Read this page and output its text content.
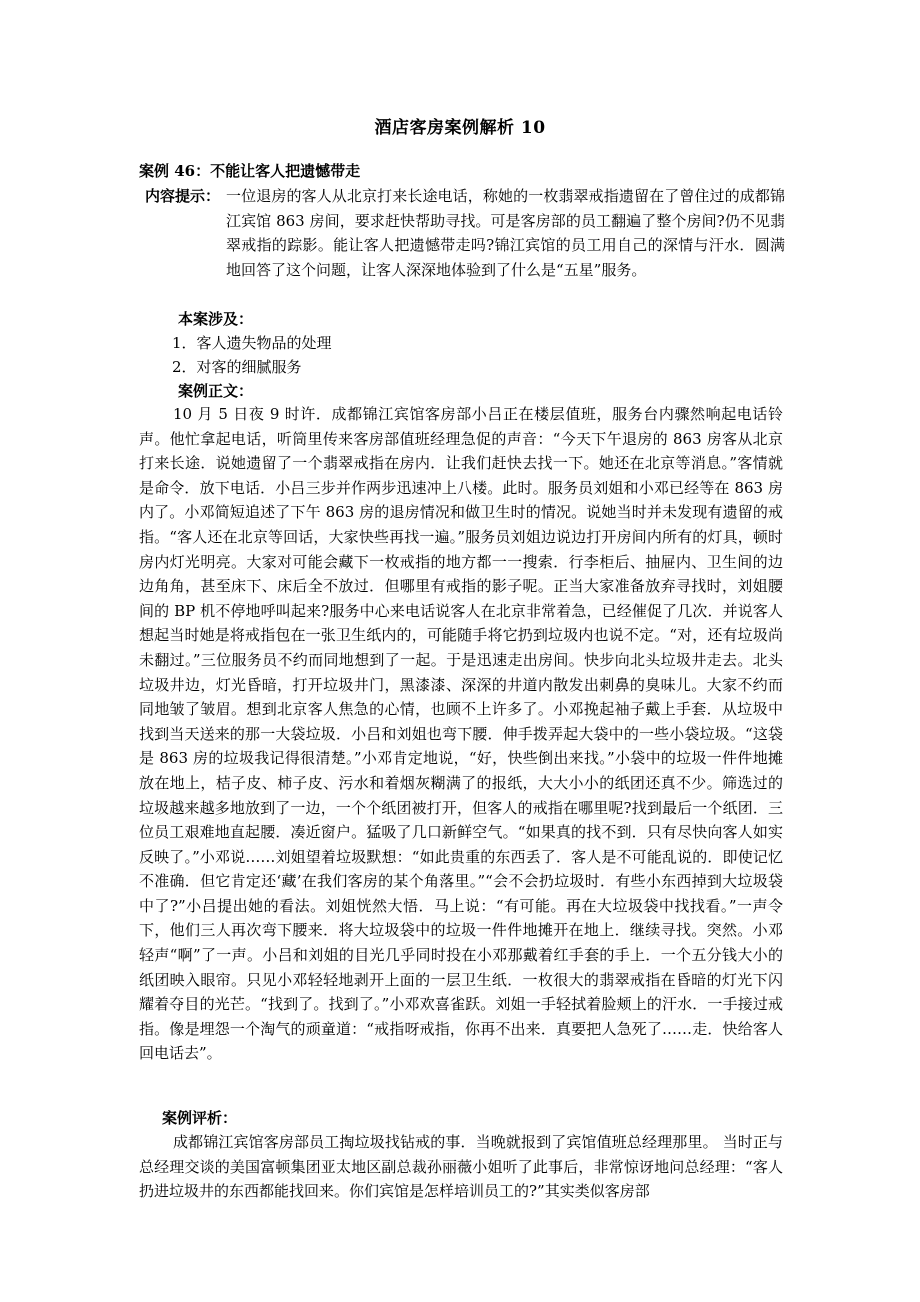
酒店客房案例解析 10
案例 46：不能让客人把遗憾带走
内容提示： 一位退房的客人从北京打来长途电话，称她的一枚翡翠戒指遗留在了曾住过的成都锦江宾馆 863 房间，要求赶快帮助寻找。可是客房部的员工翻遍了整个房间?仍不见翡翠戒指的踪影。能让客人把遗憾带走吗?锦江宾馆的员工用自己的深情与汗水．圆满地回答了这个问题，让客人深深地体验到了什么是“五星”服务。
本案涉及：
1．客人遗失物品的处理
2．对客的细腻服务
案例正文：

10 月 5 日夜 9 时许．成都锦江宾馆客房部小吕正在楼层值班，服务台内骤然响起电话铃声。他忙拿起电话，听筒里传来客房部值班经理急促的声音：“今天下午退房的 863 房客从北京打来长途．说她遗留了一个翡翠戒指在房内．让我们赶快去找一下。她还在北京等消息。”客情就是命令．放下电话．小吕三步并作两步迅速冲上八楼。此时。服务员刘姐和小邓已经等在 863 房内了。小邓简短追述了下午 863 房的退房情况和做卫生时的情况。说她当时并未发现有遗留的戒指。“客人还在北京等回话，大家快些再找一遍。”服务员刘姐边说边打开房间内所有的灯具，顿时房内灯光明亮。大家对可能会藏下一枚戒指的地方都一一搜索．行李柜后、抽屉内、卫生间的边边角角，甚至床下、床后全不放过．但哪里有戒指的影子呢。正当大家准备放弃寻找时，刘姐腰间的 BP 机不停地呼叫起来?服务中心来电话说客人在北京非常着急，已经催促了几次．并说客人想起当时她是将戒指包在一张卫生纸内的，可能随手将它扔到垃圾内也说不定。“对，还有垃圾尚未翻过。”三位服务员不约而同地想到了一起。于是迅速走出房间。快步向北头垃圾井走去。北头垃圾井边，灯光昏暗，打开垃圾井门，黑漆漆、深深的井道内散发出刺鼻的臭味儿。大家不约而同地皱了皱眉。想到北京客人焦急的心情，也顾不上许多了。小邓挽起袖子戴上手套．从垃圾中找到当天送来的那一大袋垃圾．小吕和刘姐也弯下腰．伸手拨弄起大袋中的一些小袋垃圾。“这袋是 863 房的垃圾我记得很清楚。”小邓肯定地说，“好，快些倒出来找。”小袋中的垃圾一件件地摊放在地上，桔子皮、柿子皮、污水和着烟灰糊满了的报纸，大大小小的纸团还真不少。筛选过的垃圾越来越多地放到了一边，一个个纸团被打开，但客人的戒指在哪里呢?找到最后一个纸团．三位员工艰难地直起腰．凑近窗户。猛吸了几口新鲜空气。“如果真的找不到．只有尽快向客人如实反映了。”小邓说……刘姐望着垃圾默想：“如此贵重的东西丢了．客人是不可能乱说的．即使记忆不准确．但它肯定还‘藏’在我们客房的某个角落里。”“会不会扔垃圾时．有些小东西掉到大垃圾袋中了?”小吕提出她的看法。刘姐恍然大悟．马上说：“有可能。再在大垃圾袋中找找看。”一声令下，他们三人再次弯下腰来．将大垃圾袋中的垃圾一件件地摊开在地上．继续寻找。突然。小邓轻声“啊”了一声。小吕和刘姐的目光几乎同时投在小邓那戴着红手套的手上．一个五分钱大小的纸团映入眼帘。只见小邓轻轻地剥开上面的一层卫生纸．一枚很大的翡翠戒指在昏暗的灯光下闪耀着夺目的光芒。“找到了。找到了。”小邓欢喜雀跃。刘姐一手轻拭着脸颊上的汗水．一手接过戒指。像是埋怨一个淘气的顽童道：“戒指呀戒指，你再不出来．真要把人急死了……走．快给客人回电话去”。

案例评析：

成都锦江宾馆客房部员工掏垃圾找钻戒的事．当晚就报到了宾馆值班总经理那里。 当时正与总经理交谈的美国富顿集团亚太地区副总裁孙丽薇小姐听了此事后，非常惊讶地问总经理：“客人扔进垃圾井的东西都能找回来。你们宾馆是怎样培训员工的?”其实类似客房部
